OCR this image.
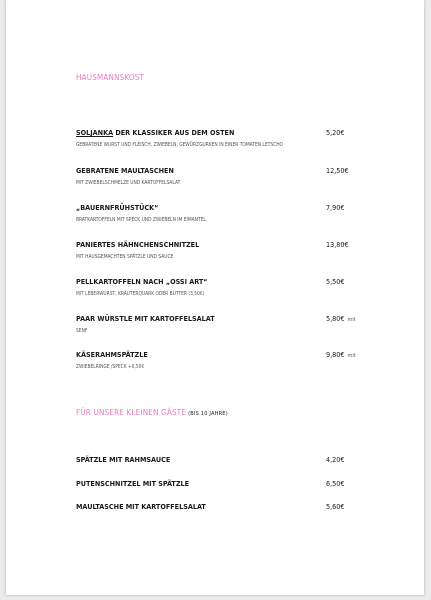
HAUSMANNSKOST
SOLJANKA DER KLASSIKER AUS DEM OSTEN
GEBRATENE WURST UND FLEISCH, ZWIEBELN, GEWÜRZGURKEN IN EINER TOMATEN LETSCHO
5,20€
GEBRATENE MAULTASCHEN
MIT ZWIEBELSCHMELZE UND KARTOFFELSALAT
12,50€
„BAUERNFRÜHSTÜCK“
BRATKARTOFFELN MIT SPECK UND ZWIEBELN IM EIMANTEL
7,90€
PANIERTES HÄHNCHENSCHNITZEL
MIT HAUSGEMACHTEN SPÄTZLE UND SAUCE
13,80€
PELLKARTOFFELN NACH „OSSI ART“
MIT LEBERWURST, KRÄUTERQUARK ODER BUTTER (3,50€)
5,50€
PAAR WÜRSTLE MIT KARTOFFELSALAT
SENF
5,80€ mit
KÄSERAHMSPÄTZLE
ZWIEBELRINGE /SPECK +0,50€
9,80€ mit
FÜR UNSERE KLEINEN GÄSTE (BIS 10 JAHRE)
SPÄTZLE MIT RAHMSAUCE	4,20€
PUTENSCHNITZEL MIT SPÄTZLE	6,50€
MAULTASCHE MIT KARTOFFELSALAT	5,60€
